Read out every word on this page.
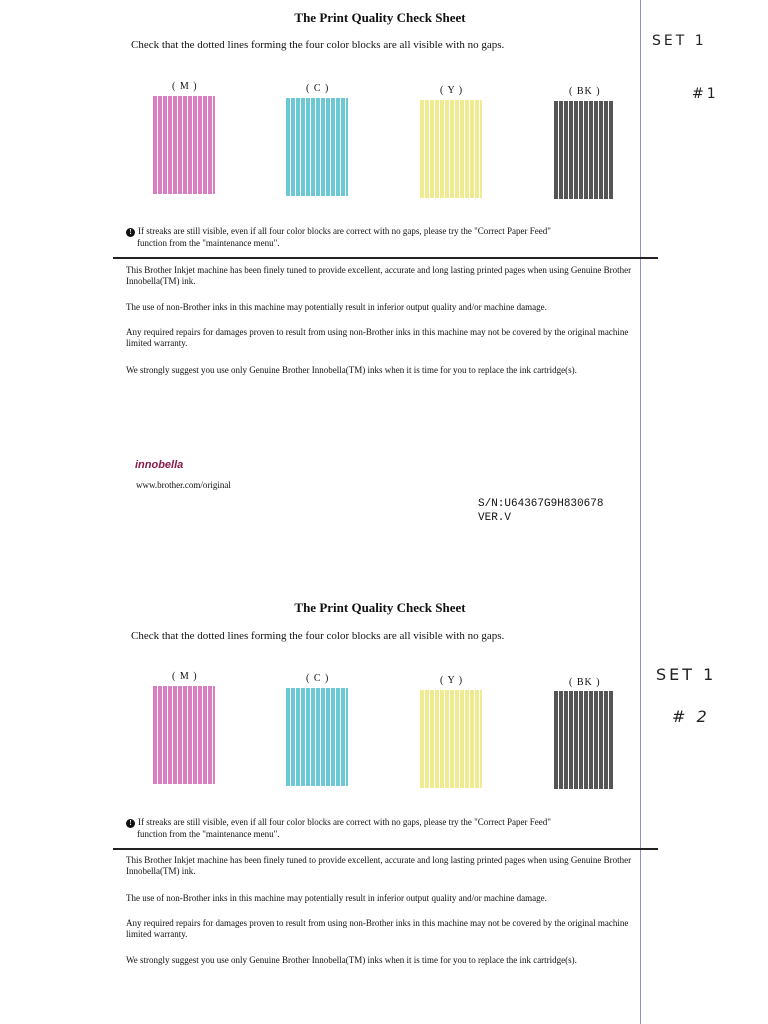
The Print Quality Check Sheet
Check that the dotted lines forming the four color blocks are all visible with no gaps.
( M )	( C )	( Y )	( BK )
! If streaks are still visible, even if all four color blocks are correct with no gaps, please try the "Correct Paper Feed"
function from the "maintenance menu".
This Brother Inkjet machine has been finely tuned to provide excellent, accurate and long lasting printed pages when using Genuine Brother Innobella(TM) ink.
The use of non-Brother inks in this machine may potentially result in inferior output quality and/or machine damage.
Any required repairs for damages proven to result from using non-Brother inks in this machine may not be covered by the original machine limited warranty.
We strongly suggest you use only Genuine Brother Innobella(TM) inks when it is time for you to replace the ink cartridge(s).
innobella
www.brother.com/original
S/N:U64367G9H830678
VER.V
The Print Quality Check Sheet
Check that the dotted lines forming the four color blocks are all visible with no gaps.
( M )	( C )	( Y )	( BK )
! If streaks are still visible, even if all four color blocks are correct with no gaps, please try the "Correct Paper Feed"
function from the "maintenance menu".
This Brother Inkjet machine has been finely tuned to provide excellent, accurate and long lasting printed pages when using Genuine Brother Innobella(TM) ink.
The use of non-Brother inks in this machine may potentially result in inferior output quality and/or machine damage.
Any required repairs for damages proven to result from using non-Brother inks in this machine may not be covered by the original machine limited warranty.
We strongly suggest you use only Genuine Brother Innobella(TM) inks when it is time for you to replace the ink cartridge(s).
SET 1
#1
SET 1
# 2
